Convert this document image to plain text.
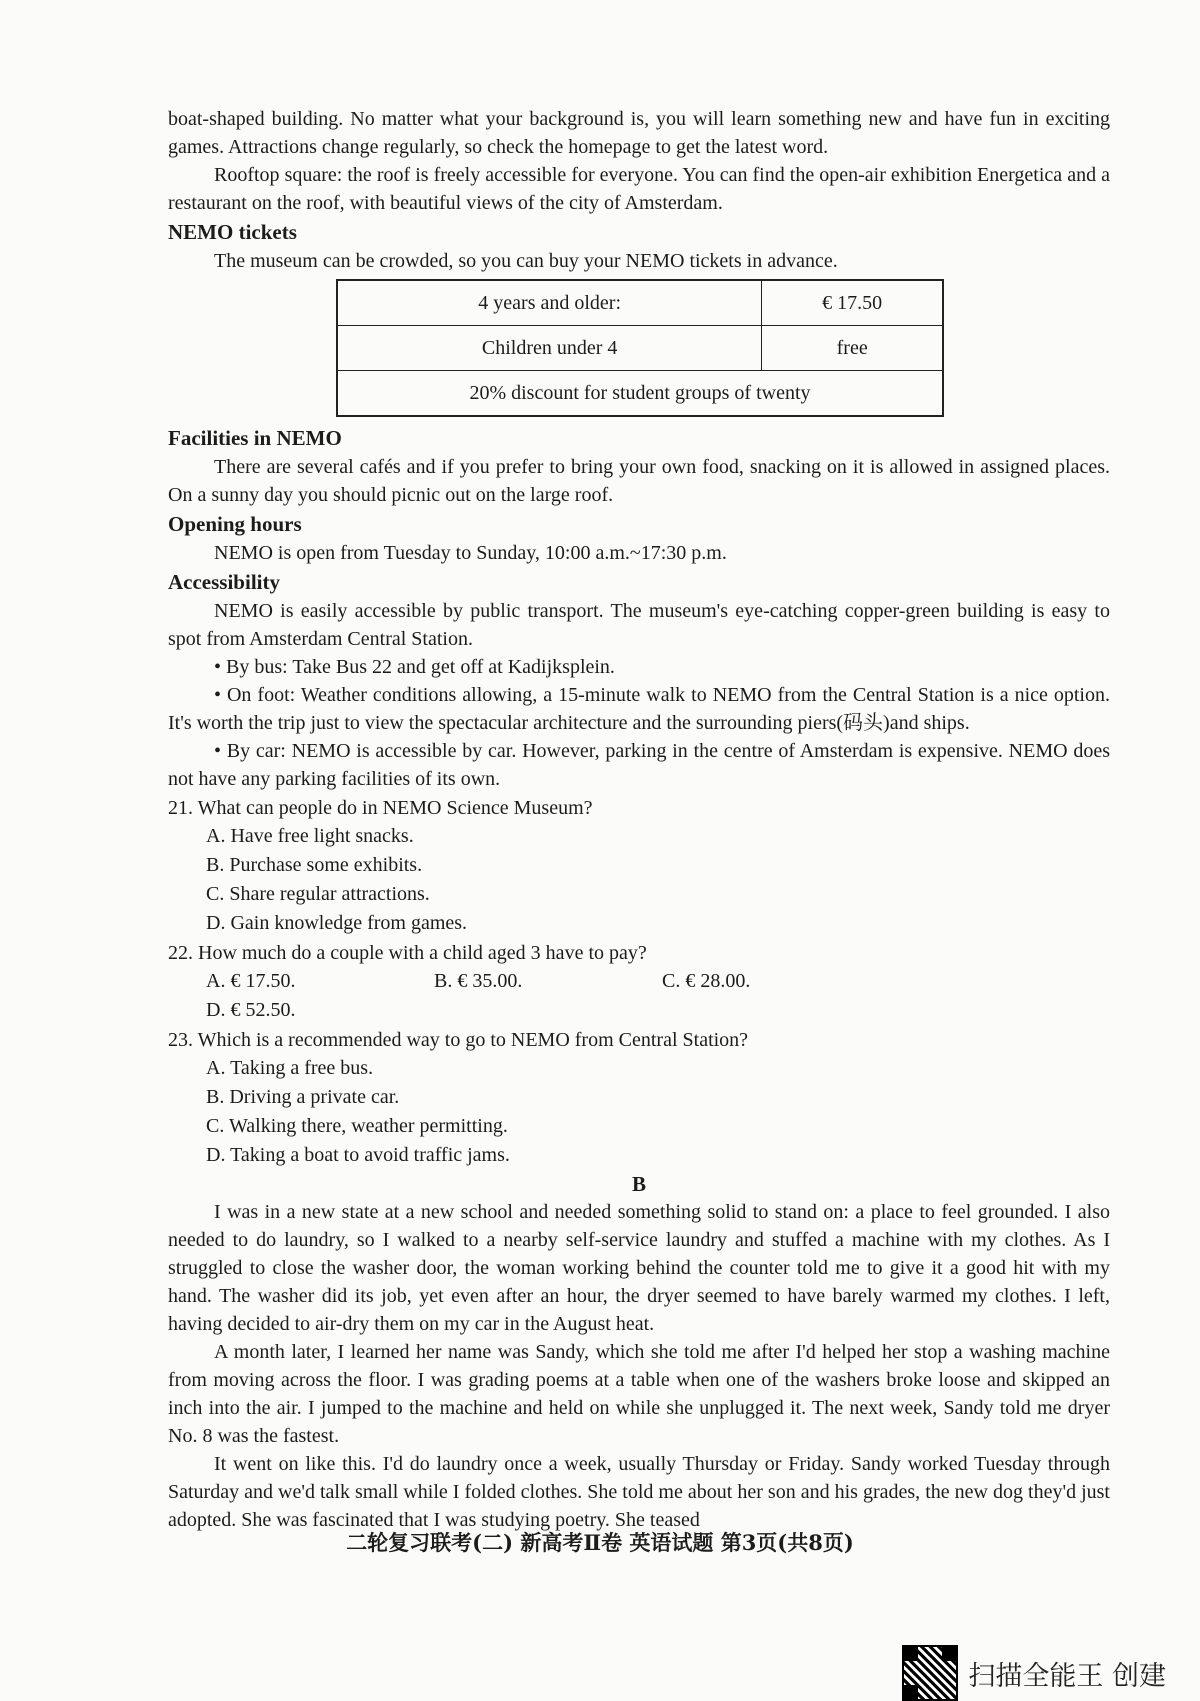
boat-shaped building. No matter what your background is, you will learn something new and have fun in exciting games. Attractions change regularly, so check the homepage to get the latest word.

Rooftop square: the roof is freely accessible for everyone. You can find the open-air exhibition Energetica and a restaurant on the roof, with beautiful views of the city of Amsterdam.

NEMO tickets

The museum can be crowded, so you can buy your NEMO tickets in advance.

4 years and older:	€ 17.50
Children under 4	free
20% discount for student groups of twenty	
Facilities in NEMO

There are several cafés and if you prefer to bring your own food, snacking on it is allowed in assigned places. On a sunny day you should picnic out on the large roof.

Opening hours

NEMO is open from Tuesday to Sunday, 10:00 a.m.~17:30 p.m.

Accessibility

NEMO is easily accessible by public transport. The museum's eye-catching copper-green building is easy to spot from Amsterdam Central Station.

• By bus: Take Bus 22 and get off at Kadijksplein.

• On foot: Weather conditions allowing, a 15-minute walk to NEMO from the Central Station is a nice option. It's worth the trip just to view the spectacular architecture and the surrounding piers(码头)and ships.

• By car: NEMO is accessible by car. However, parking in the centre of Amsterdam is expensive. NEMO does not have any parking facilities of its own.

21. What can people do in NEMO Science Museum?

A. Have free light snacks.
B. Purchase some exhibits.
C. Share regular attractions.
D. Gain knowledge from games.

22. How much do a couple with a child aged 3 have to pay?

A. € 17.50.	B. € 35.00.	C. € 28.00.
D. € 52.50.

23. Which is a recommended way to go to NEMO from Central Station?

A. Taking a free bus.
B. Driving a private car.
C. Walking there, weather permitting.
D. Taking a boat to avoid traffic jams.
B

I was in a new state at a new school and needed something solid to stand on: a place to feel grounded. I also needed to do laundry, so I walked to a nearby self-service laundry and stuffed a machine with my clothes. As I struggled to close the washer door, the woman working behind the counter told me to give it a good hit with my hand. The washer did its job, yet even after an hour, the dryer seemed to have barely warmed my clothes. I left, having decided to air-dry them on my car in the August heat.

A month later, I learned her name was Sandy, which she told me after I'd helped her stop a washing machine from moving across the floor. I was grading poems at a table when one of the washers broke loose and skipped an inch into the air. I jumped to the machine and held on while she unplugged it. The next week, Sandy told me dryer No. 8 was the fastest.

It went on like this. I'd do laundry once a week, usually Thursday or Friday. Sandy worked Tuesday through Saturday and we'd talk small while I folded clothes. She told me about her son and his grades, the new dog they'd just adopted. She was fascinated that I was studying poetry. She teased

二轮复习联考(二) 新高考Ⅱ卷 英语试题 第3页(共8页)
扫描全能王 创建
